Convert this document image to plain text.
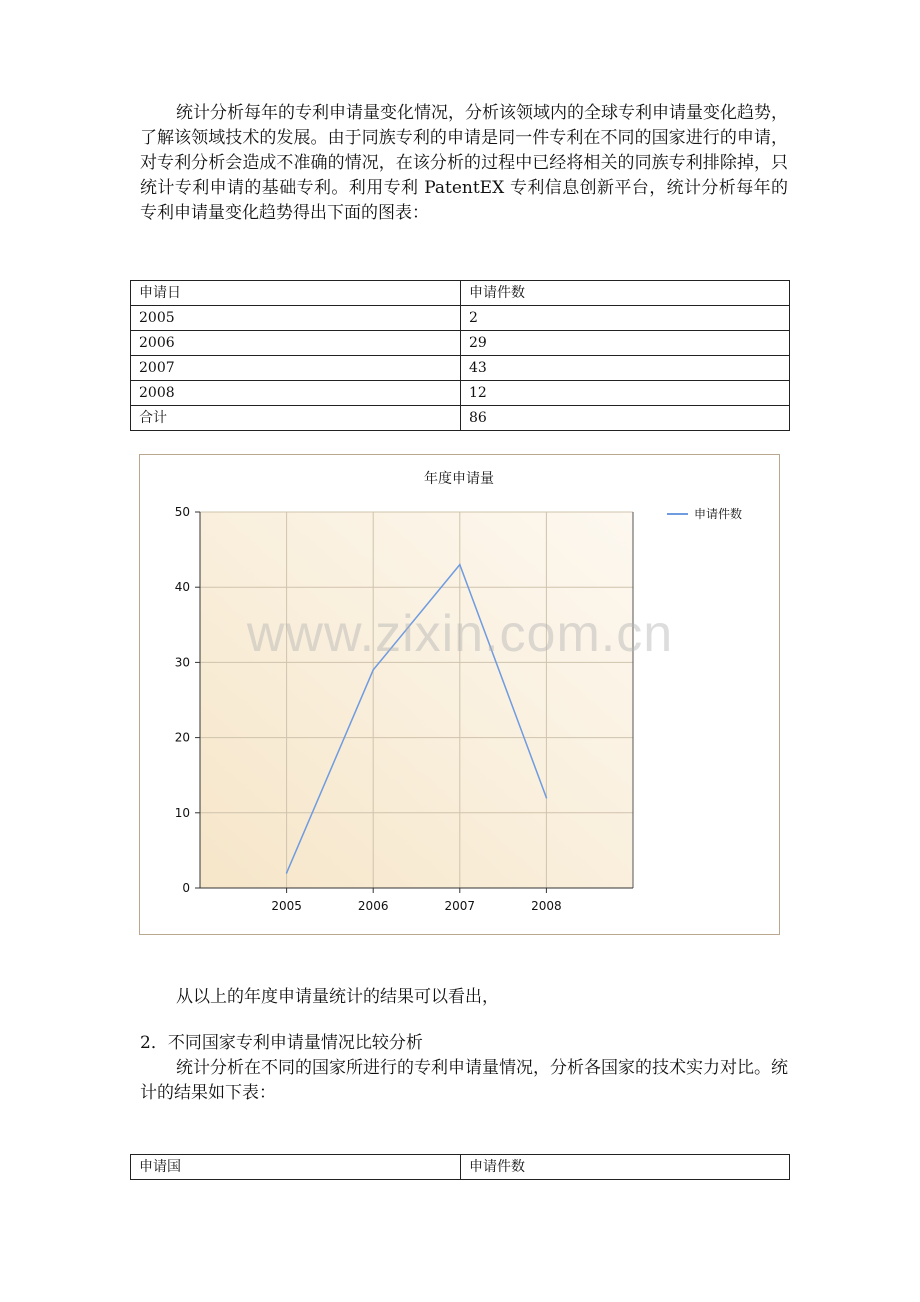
统计分析每年的专利申请量变化情况，分析该领域内的全球专利申请量变化趋势，了解该领域技术的发展。由于同族专利的申请是同一件专利在不同的国家进行的申请，对专利分析会造成不准确的情况，在该分析的过程中已经将相关的同族专利排除掉，只统计专利申请的基础专利。利用专利 PatentEX 专利信息创新平台，统计分析每年的专利申请量变化趋势得出下面的图表：

申请日	申请件数
2005	2
2006	29
2007	43
2008	12
合计	86
年度申请量
0
10
20
30
40
50
2005	2006	2007	2008
申请件数
www.zixin.com.cn

从以上的年度申请量统计的结果可以看出，

2．不同国家专利申请量情况比较分析

统计分析在不同的国家所进行的专利申请量情况，分析各国家的技术实力对比。统计的结果如下表：

申请国	申请件数
